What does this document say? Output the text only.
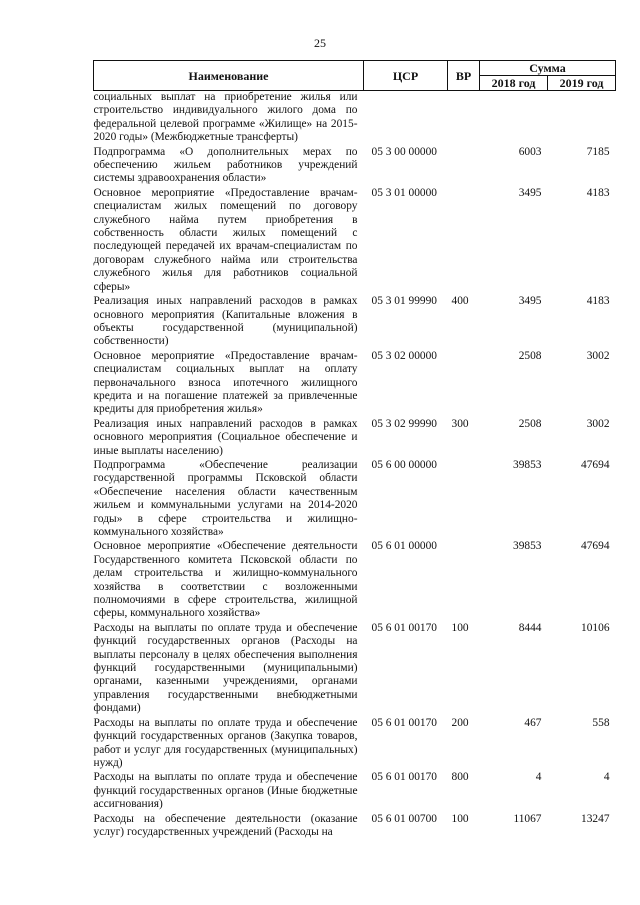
25
Наименование	ЦСР	ВР	Сумма	
			2018 год	2019 год
социальных выплат на приобретение жилья или строительство индивидуального жилого дома по федеральной целевой программе «Жилище» на 2015-2020 годы» (Межбюджетные трансферты)				
Подпрограмма «О дополнительных мерах по обеспечению жильем работников учреждений системы здравоохранения области»	05 3 00 00000		6003	7185
Основное мероприятие «Предоставление врачам-специалистам жилых помещений по договору служебного найма путем приобретения в собственность области жилых помещений с последующей передачей их врачам-специалистам по договорам служебного найма или строительства служебного жилья для работников социальной сферы»	05 3 01 00000		3495	4183
Реализация иных направлений расходов в рамках основного мероприятия (Капитальные вложения в объекты государственной (муниципальной) собственности)	05 3 01 99990	400	3495	4183
Основное мероприятие «Предоставление врачам-специалистам социальных выплат на оплату первоначального взноса ипотечного жилищного кредита и на погашение платежей за привлеченные кредиты для приобретения жилья»	05 3 02 00000		2508	3002
Реализация иных направлений расходов в рамках основного мероприятия (Социальное обеспечение и иные выплаты населению)	05 3 02 99990	300	2508	3002
Подпрограмма «Обеспечение реализации государственной программы Псковской области «Обеспечение населения области качественным жильем и коммунальными услугами на 2014-2020 годы» в сфере строительства и жилищно-коммунального хозяйства»	05 6 00 00000		39853	47694
Основное мероприятие «Обеспечение деятельности Государственного комитета Псковской области по делам строительства и жилищно-коммунального хозяйства в соответствии с возложенными полномочиями в сфере строительства, жилищной сферы, коммунального хозяйства»	05 6 01 00000		39853	47694
Расходы на выплаты по оплате труда и обеспечение функций государственных органов (Расходы на выплаты персоналу в целях обеспечения выполнения функций государственными (муниципальными) органами, казенными учреждениями, органами управления государственными внебюджетными фондами)	05 6 01 00170	100	8444	10106
Расходы на выплаты по оплате труда и обеспечение функций государственных органов (Закупка товаров, работ и услуг для государственных (муниципальных) нужд)	05 6 01 00170	200	467	558
Расходы на выплаты по оплате труда и обеспечение функций государственных органов (Иные бюджетные ассигнования)	05 6 01 00170	800	4	4
Расходы на обеспечение деятельности (оказание услуг) государственных учреждений (Расходы на	05 6 01 00700	100	11067	13247
